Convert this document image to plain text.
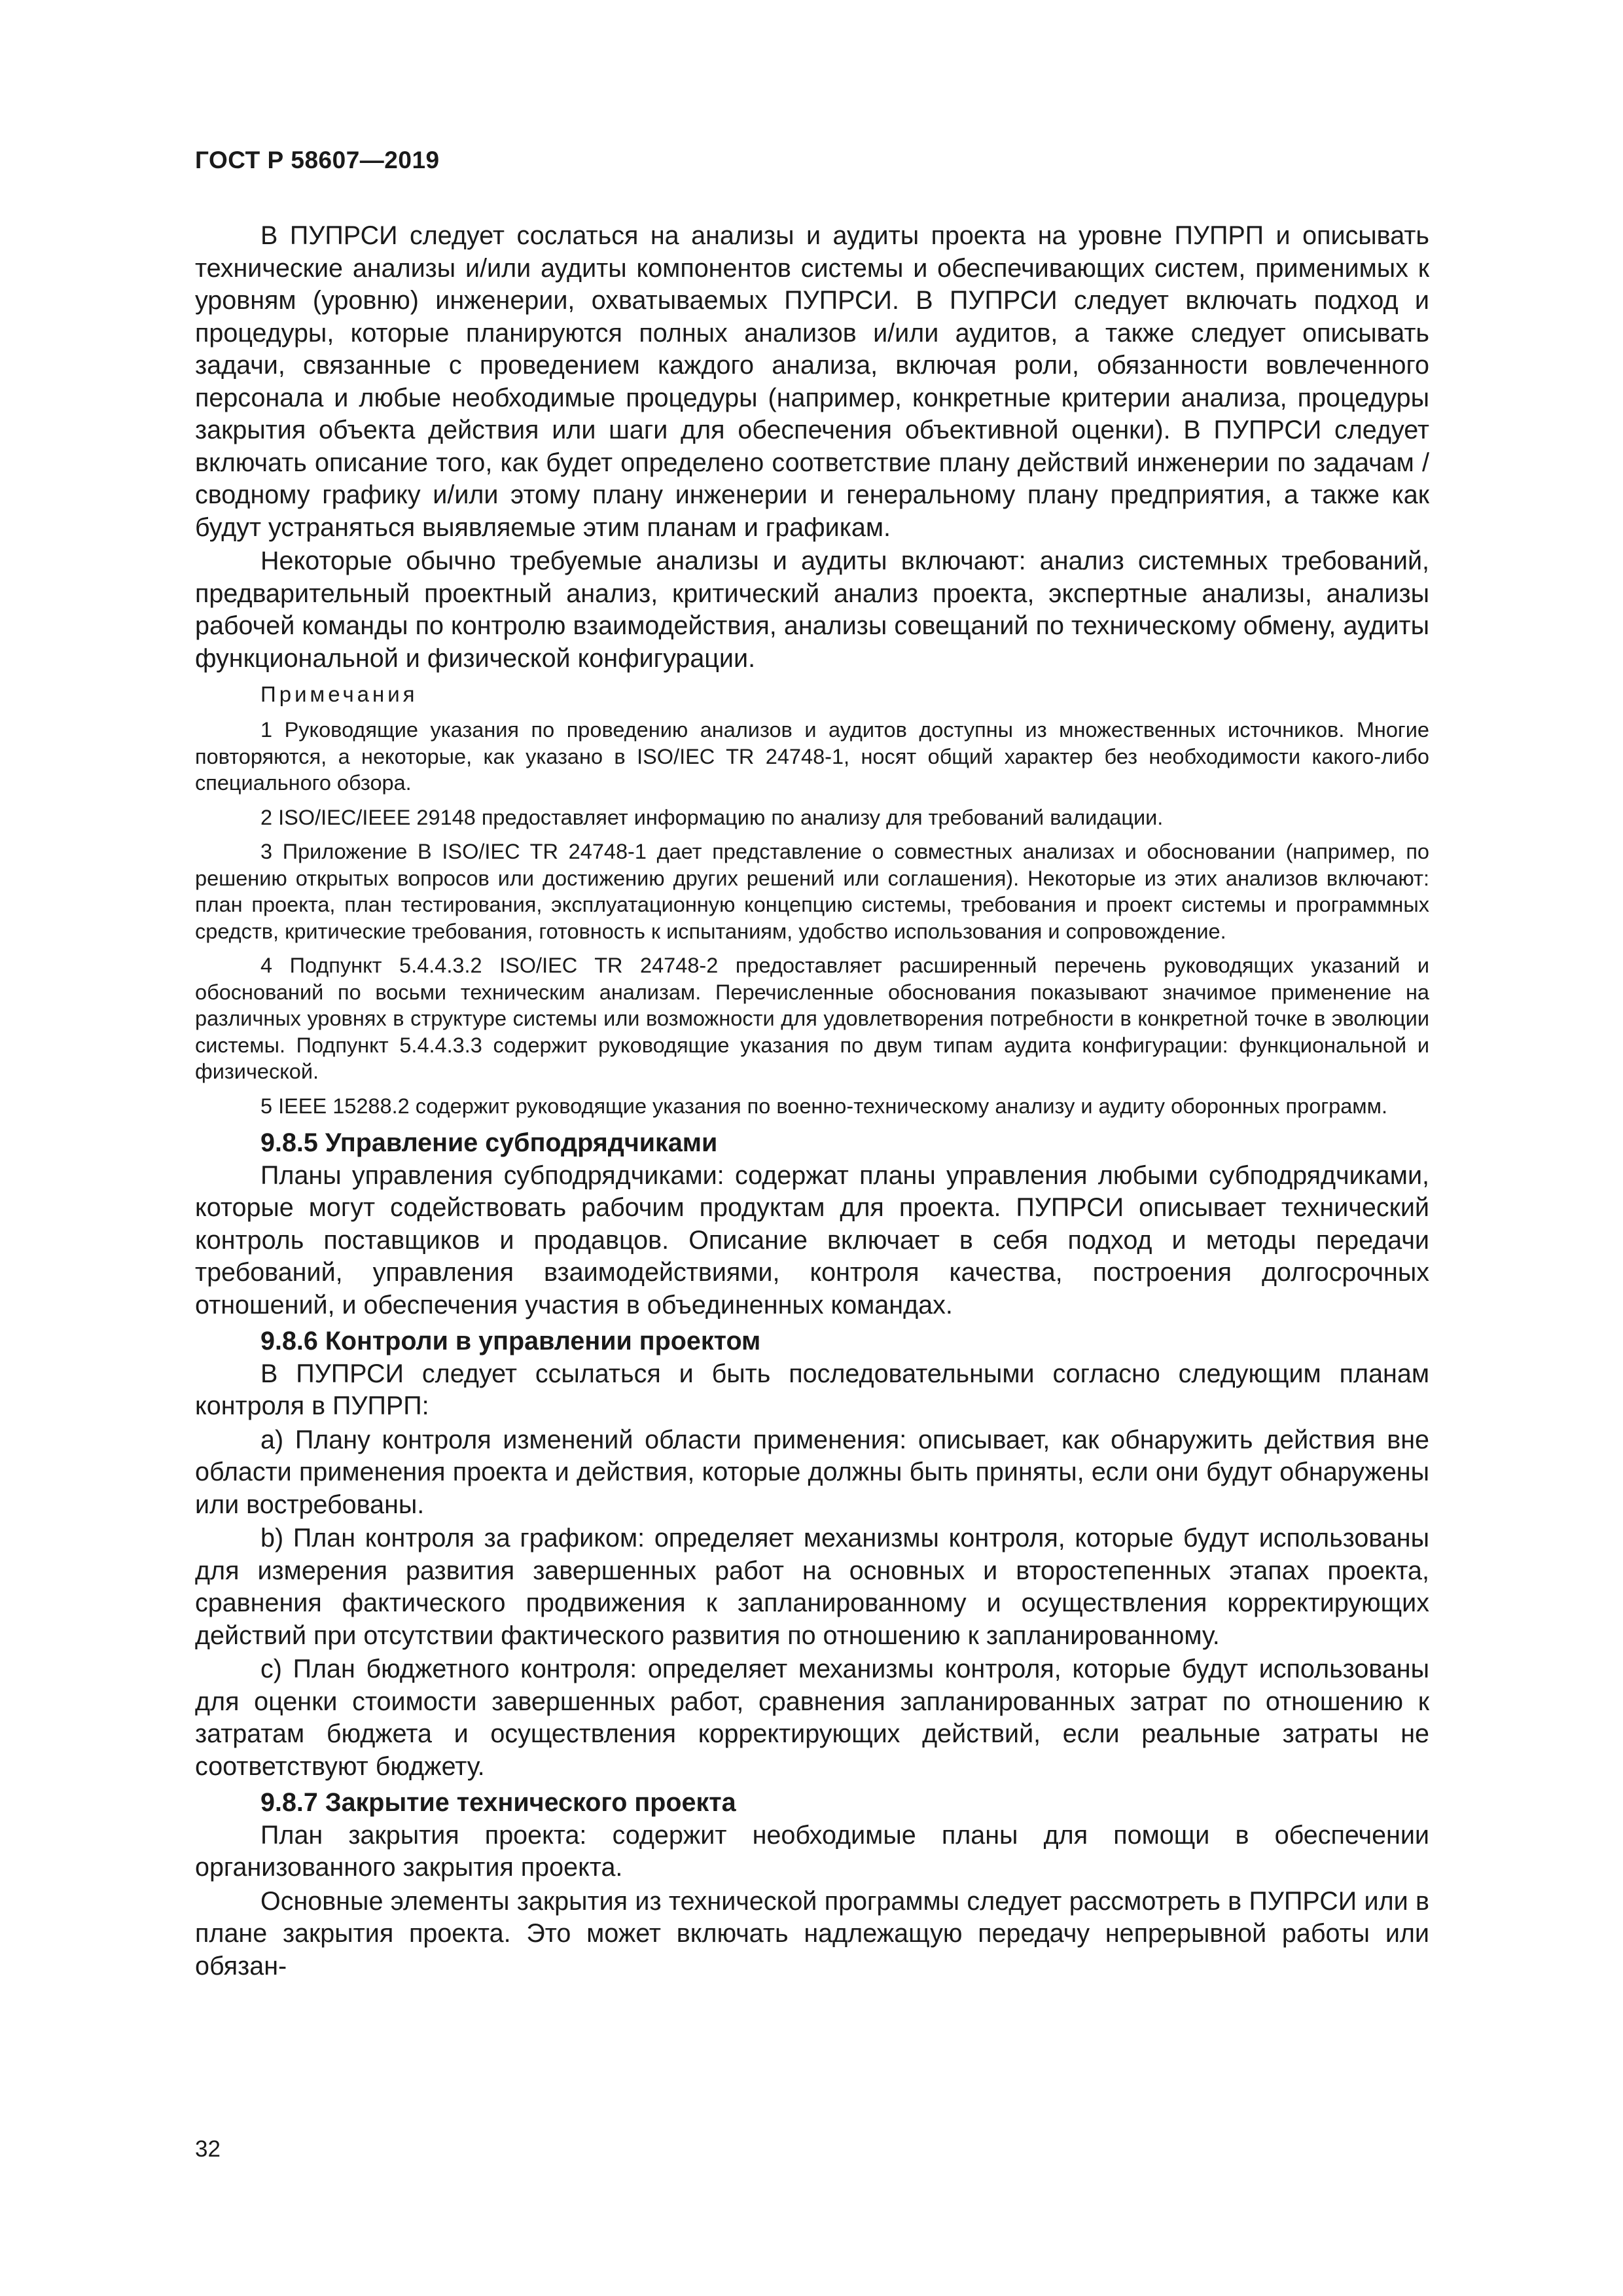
ГОСТ Р 58607—2019

В ПУПРСИ следует сослаться на анализы и аудиты проекта на уровне ПУПРП и описывать технические анализы и/или аудиты компонентов системы и обеспечивающих систем, применимых к уровням (уровню) инженерии, охватываемых ПУПРСИ. В ПУПРСИ следует включать подход и процедуры, которые планируются полных анализов и/или аудитов, а также следует описывать задачи, связанные с проведением каждого анализа, включая роли, обязанности вовлеченного персонала и любые необходимые процедуры (например, конкретные критерии анализа, процедуры закрытия объекта действия или шаги для обеспечения объективной оценки). В ПУПРСИ следует включать описание того, как будет определено соответствие плану действий инженерии по задачам /сводному графику и/или этому плану инженерии и генеральному плану предприятия, а также как будут устраняться выявляемые этим планам и графикам.

Некоторые обычно требуемые анализы и аудиты включают: анализ системных требований, предварительный проектный анализ, критический анализ проекта, экспертные анализы, анализы рабочей команды по контролю взаимодействия, анализы совещаний по техническому обмену, аудиты функциональной и физической конфигурации.

Примечания

1 Руководящие указания по проведению анализов и аудитов доступны из множественных источников. Многие повторяются, а некоторые, как указано в ISO/IEC TR 24748-1, носят общий характер без необходимости какого-либо специального обзора.

2 ISO/IEC/IEEE 29148 предоставляет информацию по анализу для требований валидации.

3 Приложение В ISO/IEC TR 24748-1 дает представление о совместных анализах и обосновании (например, по решению открытых вопросов или достижению других решений или соглашения). Некоторые из этих анализов включают: план проекта, план тестирования, эксплуатационную концепцию системы, требования и проект системы и программных средств, критические требования, готовность к испытаниям, удобство использования и сопровождение.

4 Подпункт 5.4.4.3.2 ISO/IEC TR 24748-2 предоставляет расширенный перечень руководящих указаний и обоснований по восьми техническим анализам. Перечисленные обоснования показывают значимое применение на различных уровнях в структуре системы или возможности для удовлетворения потребности в конкретной точке в эволюции системы. Подпункт 5.4.4.3.3 содержит руководящие указания по двум типам аудита конфигурации: функциональной и физической.

5 IEEE 15288.2 содержит руководящие указания по военно-техническому анализу и аудиту оборонных программ.

9.8.5 Управление субподрядчиками

Планы управления субподрядчиками: содержат планы управления любыми субподрядчиками, которые могут содействовать рабочим продуктам для проекта. ПУПРСИ описывает технический контроль поставщиков и продавцов. Описание включает в себя подход и методы передачи требований, управления взаимодействиями, контроля качества, построения долгосрочных отношений, и обеспечения участия в объединенных командах.

9.8.6 Контроли в управлении проектом

В ПУПРСИ следует ссылаться и быть последовательными согласно следующим планам контроля в ПУПРП:

a) Плану контроля изменений области применения: описывает, как обнаружить действия вне области применения проекта и действия, которые должны быть приняты, если они будут обнаружены или востребованы.

b) План контроля за графиком: определяет механизмы контроля, которые будут использованы для измерения развития завершенных работ на основных и второстепенных этапах проекта, сравнения фактического продвижения к запланированному и осуществления корректирующих действий при отсутствии фактического развития по отношению к запланированному.

c) План бюджетного контроля: определяет механизмы контроля, которые будут использованы для оценки стоимости завершенных работ, сравнения запланированных затрат по отношению к затратам бюджета и осуществления корректирующих действий, если реальные затраты не соответствуют бюджету.

9.8.7 Закрытие технического проекта

План закрытия проекта: содержит необходимые планы для помощи в обеспечении организованного закрытия проекта.

Основные элементы закрытия из технической программы следует рассмотреть в ПУПРСИ или в плане закрытия проекта. Это может включать надлежащую передачу непрерывной работы или обязан-

32
